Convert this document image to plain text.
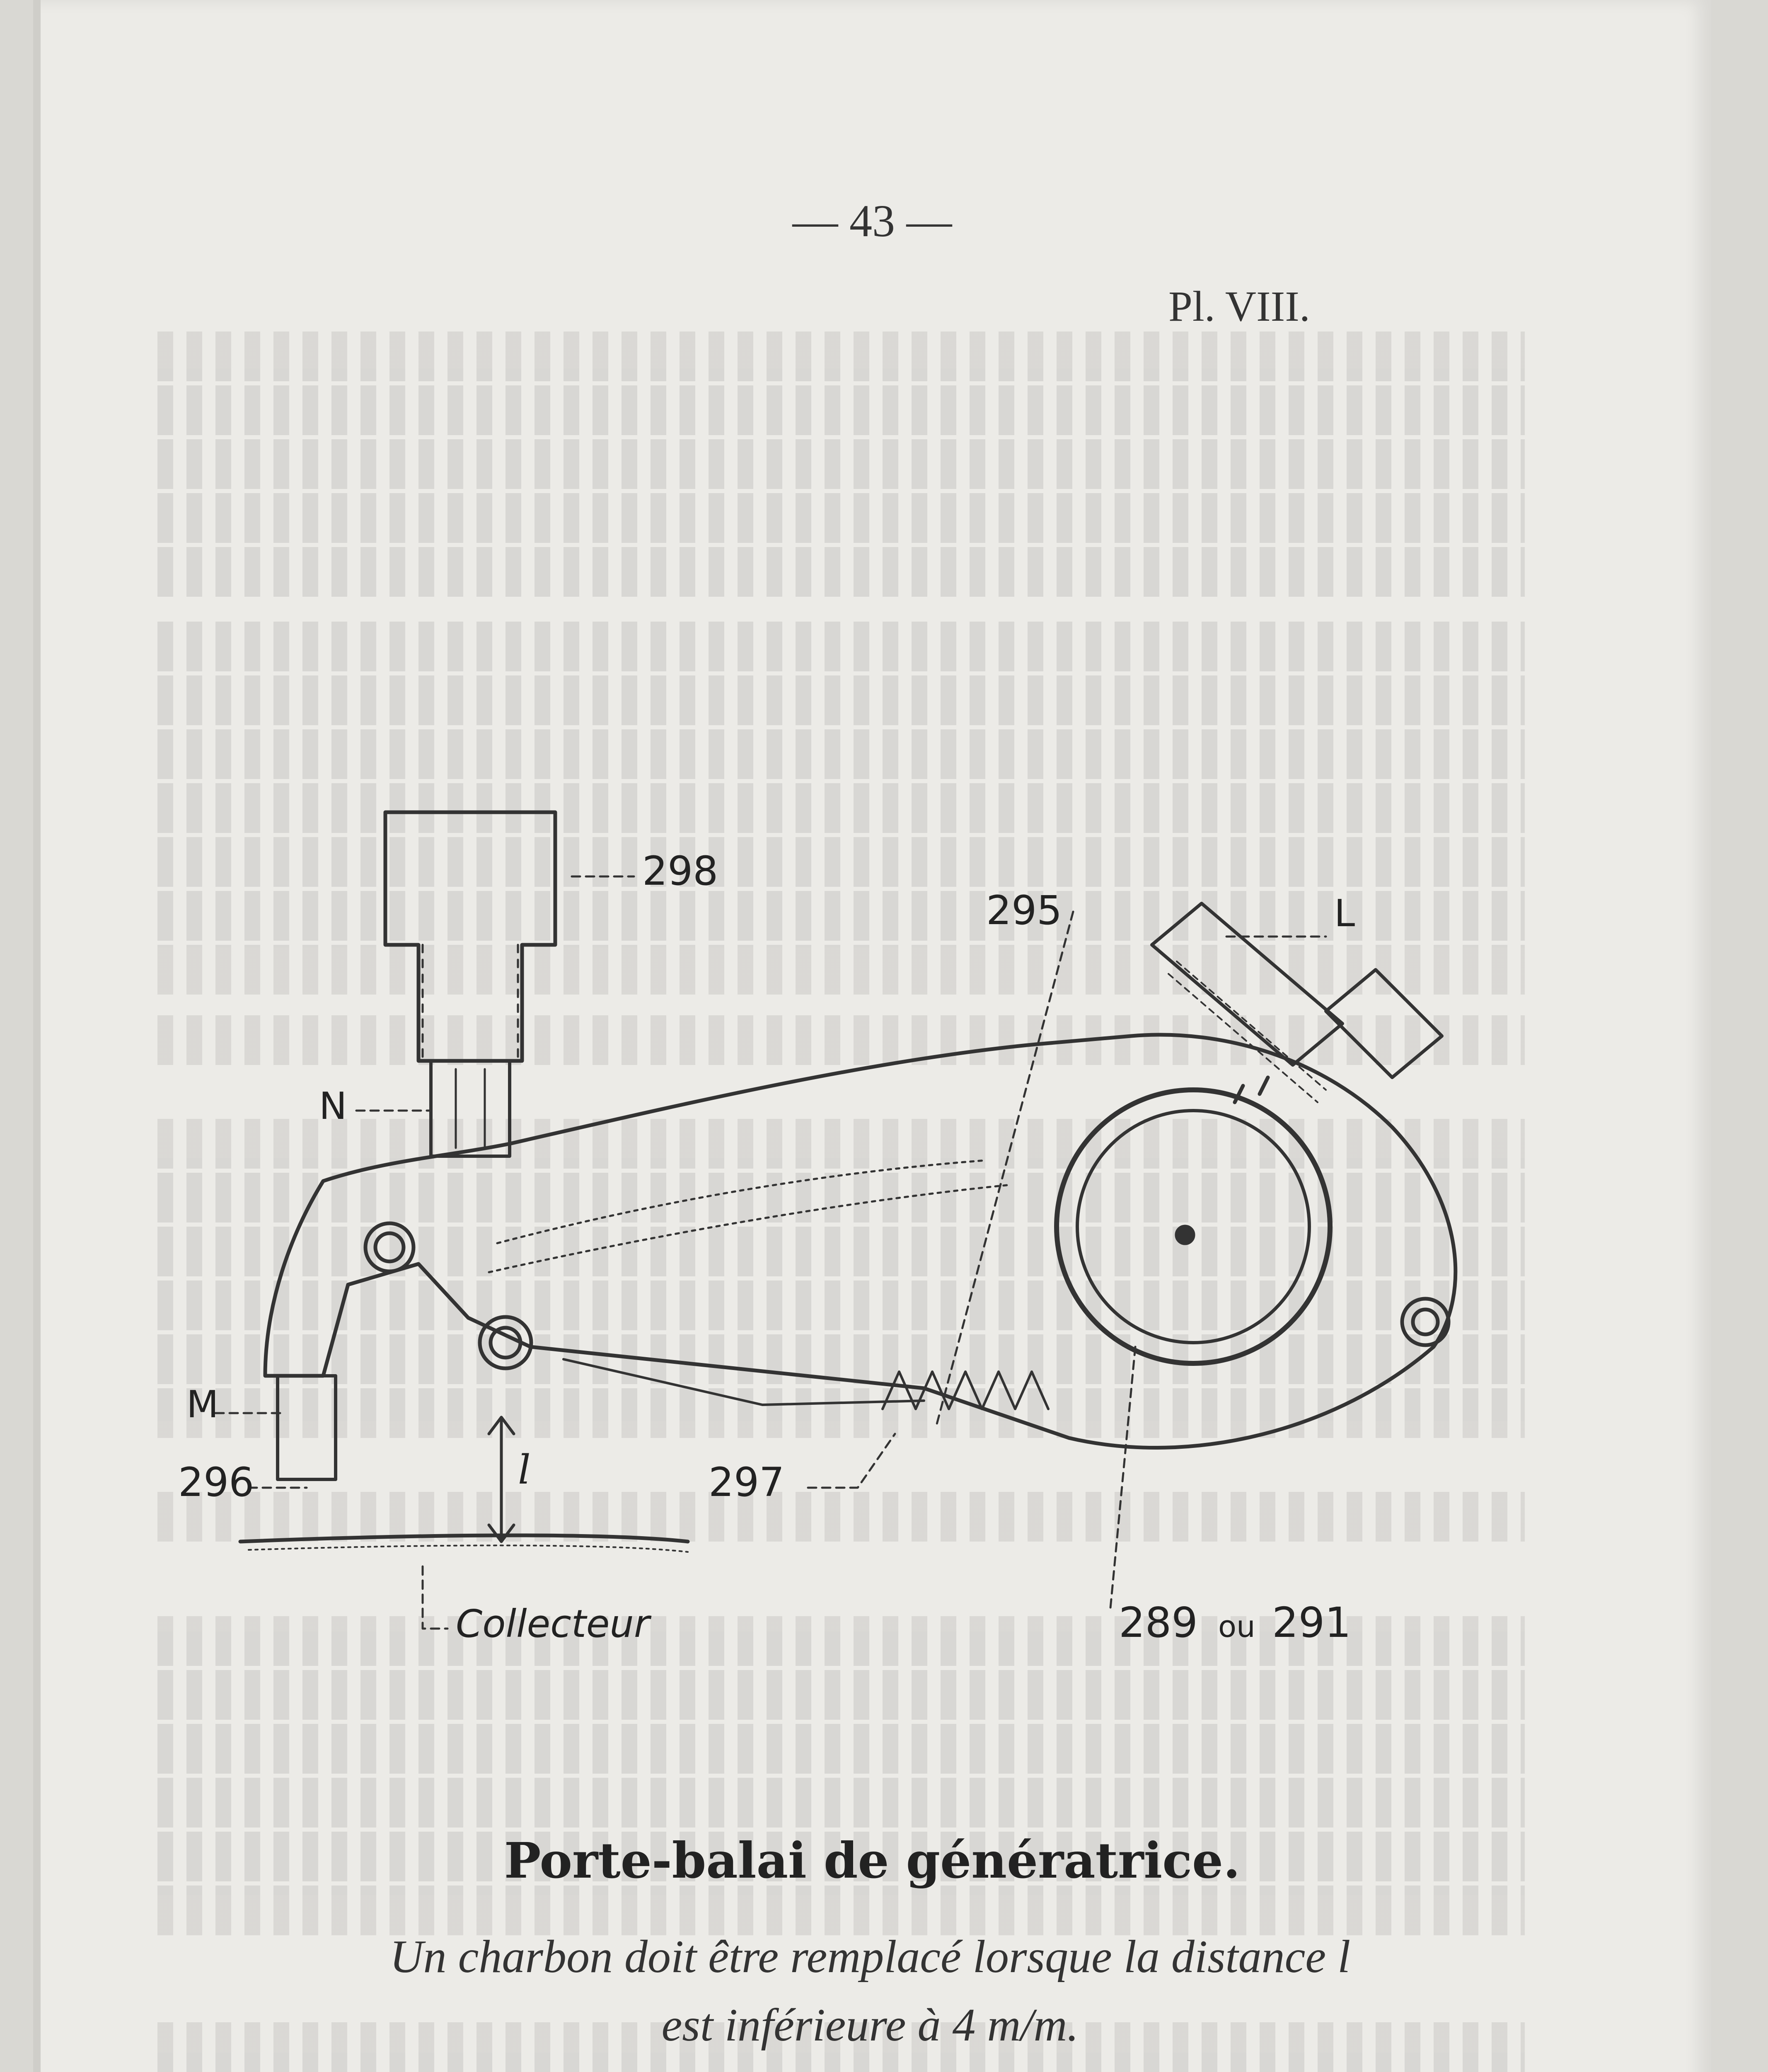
— 43 —
Pl. VIII.
298
295	L
N
M
296	297
l
Collecteur	289 ou 291
Porte-balai de génératrice.
Un charbon doit être remplacé lorsque la distance l
est inférieure à 4 m/m.
